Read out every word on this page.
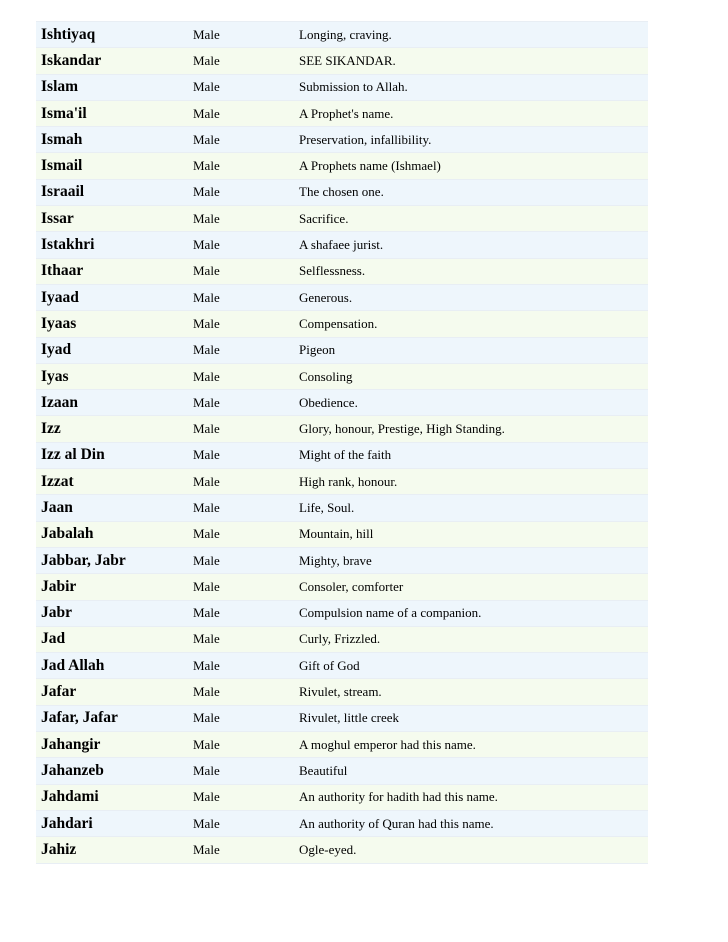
Ishtiyaq	Male	Longing, craving.
Iskandar	Male	SEE SIKANDAR.
Islam	Male	Submission to Allah.
Isma'il	Male	A Prophet's name.
Ismah	Male	Preservation, infallibility.
Ismail	Male	A Prophets name (Ishmael)
Israail	Male	The chosen one.
Issar	Male	Sacrifice.
Istakhri	Male	A shafaee jurist.
Ithaar	Male	Selflessness.
Iyaad	Male	Generous.
Iyaas	Male	Compensation.
Iyad	Male	Pigeon
Iyas	Male	Consoling
Izaan	Male	Obedience.
Izz	Male	Glory, honour, Prestige, High Standing.
Izz al Din	Male	Might of the faith
Izzat	Male	High rank, honour.
Jaan	Male	Life, Soul.
Jabalah	Male	Mountain, hill
Jabbar, Jabr	Male	Mighty, brave
Jabir	Male	Consoler, comforter
Jabr	Male	Compulsion name of a companion.
Jad	Male	Curly, Frizzled.
Jad Allah	Male	Gift of God
Jafar	Male	Rivulet, stream.
Jafar, Jafar	Male	Rivulet, little creek
Jahangir	Male	A moghul emperor had this name.
Jahanzeb	Male	Beautiful
Jahdami	Male	An authority for hadith had this name.
Jahdari	Male	An authority of Quran had this name.
Jahiz	Male	Ogle-eyed.
